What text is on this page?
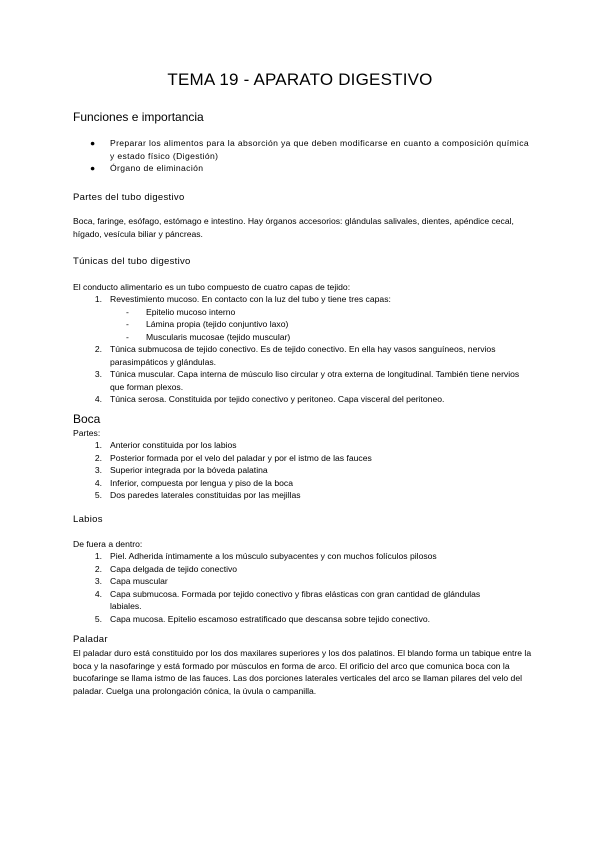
TEMA 19 - APARATO DIGESTIVO
Funciones e importancia
● Preparar los alimentos para la absorción ya que deben modificarse en cuanto a composición química y estado físico (Digestión)
● Órgano de eliminación
Partes del tubo digestivo
Boca, faringe, esófago, estómago e intestino. Hay órganos accesorios: glándulas salivales, dientes, apéndice cecal, hígado, vesícula biliar y páncreas.
Túnicas del tubo digestivo
El conducto alimentario es un tubo compuesto de cuatro capas de tejido:
1. Revestimiento mucoso. En contacto con la luz del tubo y tiene tres capas:
-	Epitelio mucoso interno
-	Lámina propia (tejido conjuntivo laxo)
-	Muscularis mucosae (tejido muscular)
2. Túnica submucosa de tejido conectivo. Es de tejido conectivo. En ella hay vasos sanguíneos, nervios parasimpáticos y glándulas.
3. Túnica muscular. Capa interna de músculo liso circular y otra externa de longitudinal. También tiene nervios que forman plexos.
4. Túnica serosa. Constituida por tejido conectivo y peritoneo. Capa visceral del peritoneo.
Boca
Partes:
1. Anterior constituida por los labios
2. Posterior formada por el velo del paladar y por el istmo de las fauces
3. Superior integrada por la bóveda palatina
4. Inferior, compuesta por lengua y piso de la boca
5. Dos paredes laterales constituidas por las mejillas
Labios
De fuera a dentro:
1. Piel. Adherida íntimamente a los músculo subyacentes y con muchos folículos pilosos
2. Capa delgada de tejido conectivo
3. Capa muscular
4. Capa submucosa. Formada por tejido conectivo y fibras elásticas con gran cantidad de glándulas labiales.
5. Capa mucosa. Epitelio escamoso estratificado que descansa sobre tejido conectivo.
Paladar
El paladar duro está constituido por los dos maxilares superiores y los dos palatinos. El blando forma un tabique entre la boca y la nasofaringe y está formado por músculos en forma de arco. El orificio del arco que comunica boca con la bucofaringe se llama istmo de las fauces. Las dos porciones laterales verticales del arco se llaman pilares del velo del paladar. Cuelga una prolongación cónica, la úvula o campanilla.
